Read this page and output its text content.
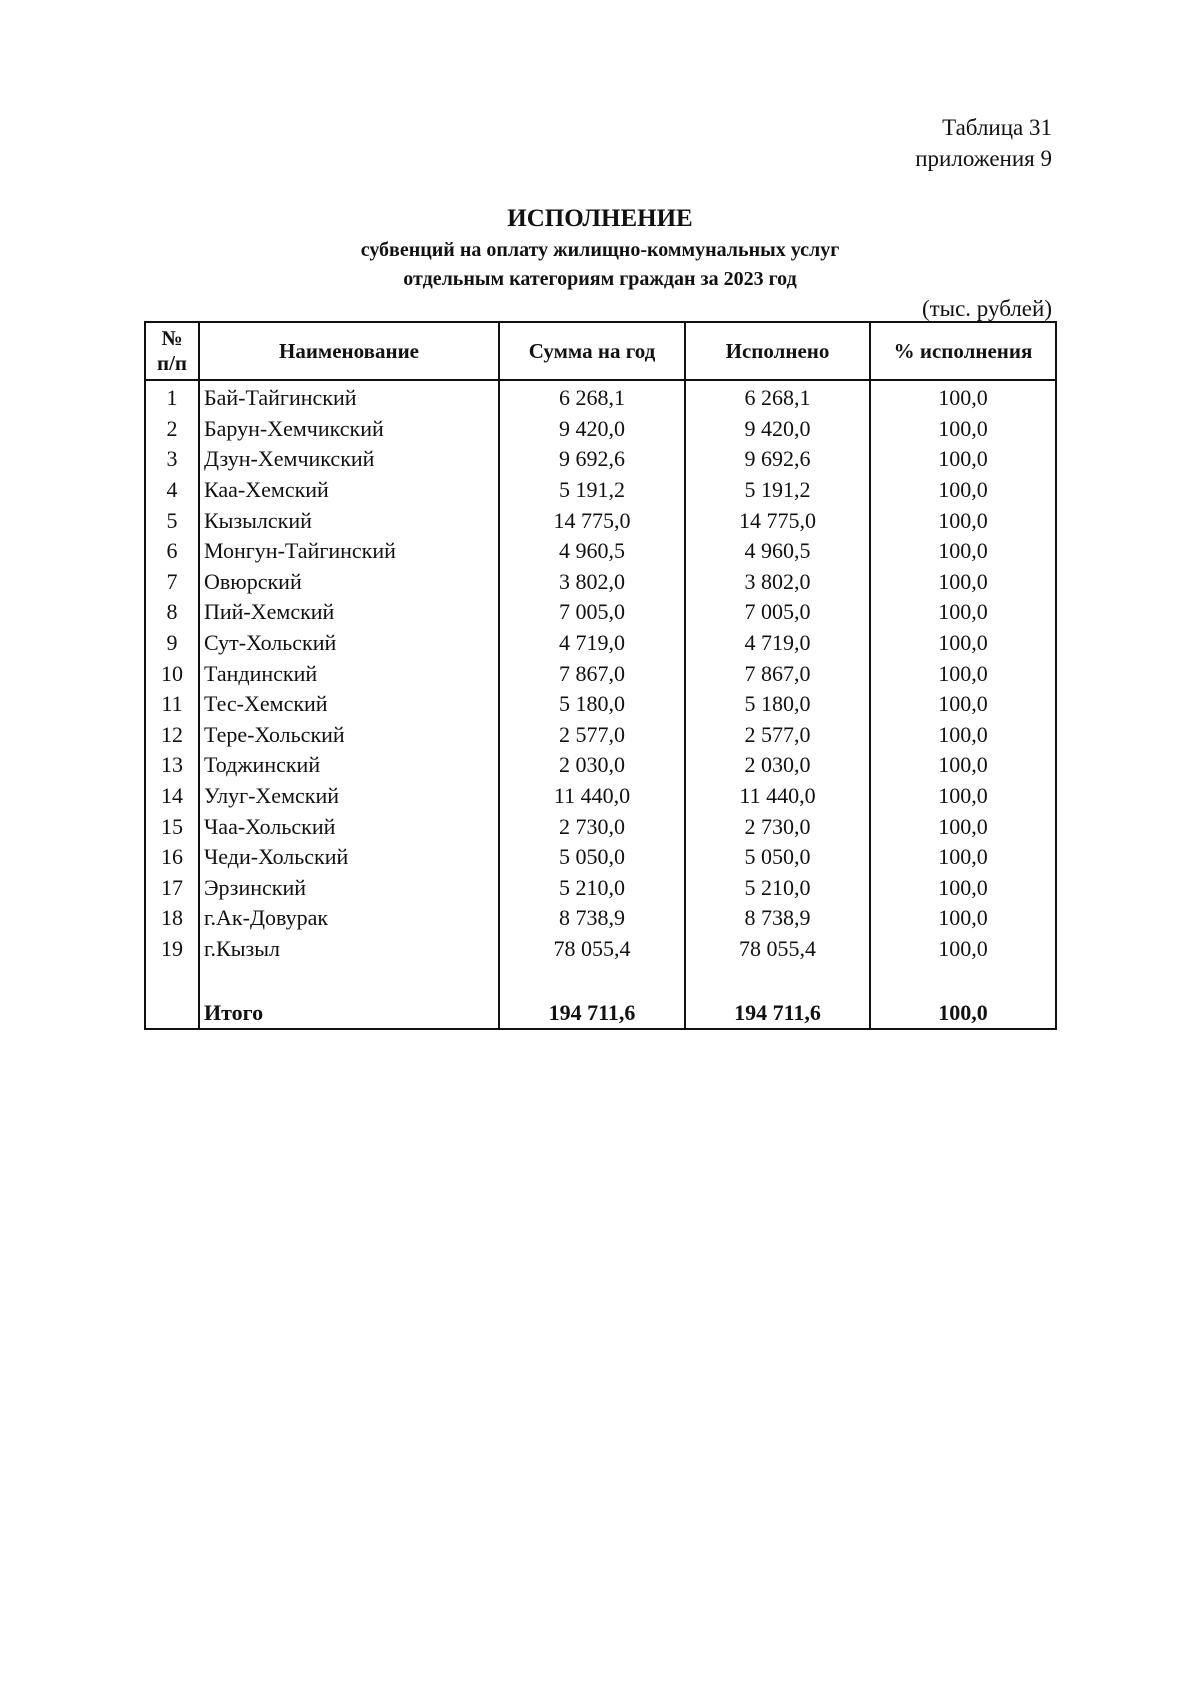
Таблица 31
приложения 9
ИСПОЛНЕНИЕ
субвенций на оплату жилищно-коммунальных услуг
отдельным категориям граждан за 2023 год
(тыс. рублей)
№
п/п	Наименование	Сумма на год	Исполнено	% исполнения
1	Бай-Тайгинский	6 268,1	6 268,1	100,0
2	Барун-Хемчикский	9 420,0	9 420,0	100,0
3	Дзун-Хемчикский	9 692,6	9 692,6	100,0
4	Каа-Хемский	5 191,2	5 191,2	100,0
5	Кызылский	14 775,0	14 775,0	100,0
6	Монгун-Тайгинский	4 960,5	4 960,5	100,0
7	Овюрский	3 802,0	3 802,0	100,0
8	Пий-Хемский	7 005,0	7 005,0	100,0
9	Сут-Хольский	4 719,0	4 719,0	100,0
10	Тандинский	7 867,0	7 867,0	100,0
11	Тес-Хемский	5 180,0	5 180,0	100,0
12	Тере-Хольский	2 577,0	2 577,0	100,0
13	Тоджинский	2 030,0	2 030,0	100,0
14	Улуг-Хемский	11 440,0	11 440,0	100,0
15	Чаа-Хольский	2 730,0	2 730,0	100,0
16	Чеди-Хольский	5 050,0	5 050,0	100,0
17	Эрзинский	5 210,0	5 210,0	100,0
18	г.Ак-Довурак	8 738,9	8 738,9	100,0
19	г.Кызыл	78 055,4	78 055,4	100,0

	Итого	194 711,6	194 711,6	100,0
